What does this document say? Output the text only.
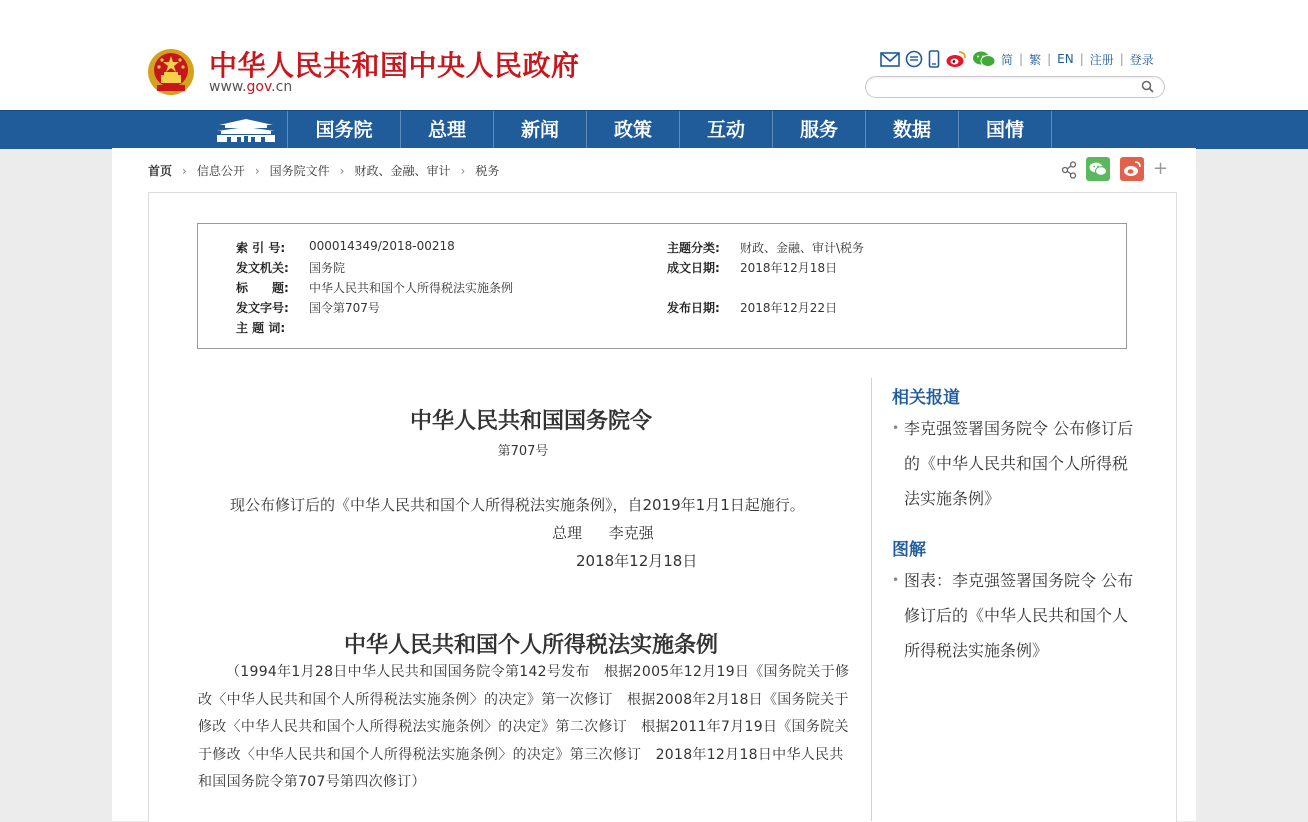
中华人民共和国中央人民政府
www.gov.cn
简 | 繁 | EN | 注册 | 登录
国务院	总理	新闻	政策	互动	服务	数据	国情
首页 › 信息公开 › 国务院文件 › 财政、金融、审计 › 税务	+
索 引 号: 000014349/2018-00218	主题分类: 财政、金融、审计\税务
发文机关: 国务院	成文日期: 2018年12月18日
标　　题: 中华人民共和国个人所得税法实施条例
发文字号: 国令第707号	发布日期: 2018年12月22日
主 题 词:
中华人民共和国国务院令
第707号
现公布修订后的《中华人民共和国个人所得税法实施条例》，自2019年1月1日起施行。
总理 李克强
2018年12月18日
中华人民共和国个人所得税法实施条例
（1994年1月28日中华人民共和国国务院令第142号发布　根据2005年12月19日《国务院关于修改〈中华人民共和国个人所得税法实施条例〉的决定》第一次修订　根据2008年2月18日《国务院关于修改〈中华人民共和国个人所得税法实施条例〉的决定》第二次修订　根据2011年7月19日《国务院关于修改〈中华人民共和国个人所得税法实施条例〉的决定》第三次修订　2018年12月18日中华人民共和国国务院令第707号第四次修订）
相关报道
• 李克强签署国务院令 公布修订后的《中华人民共和国个人所得税法实施条例》
图解
• 图表：李克强签署国务院令 公布修订后的《中华人民共和国个人所得税法实施条例》
